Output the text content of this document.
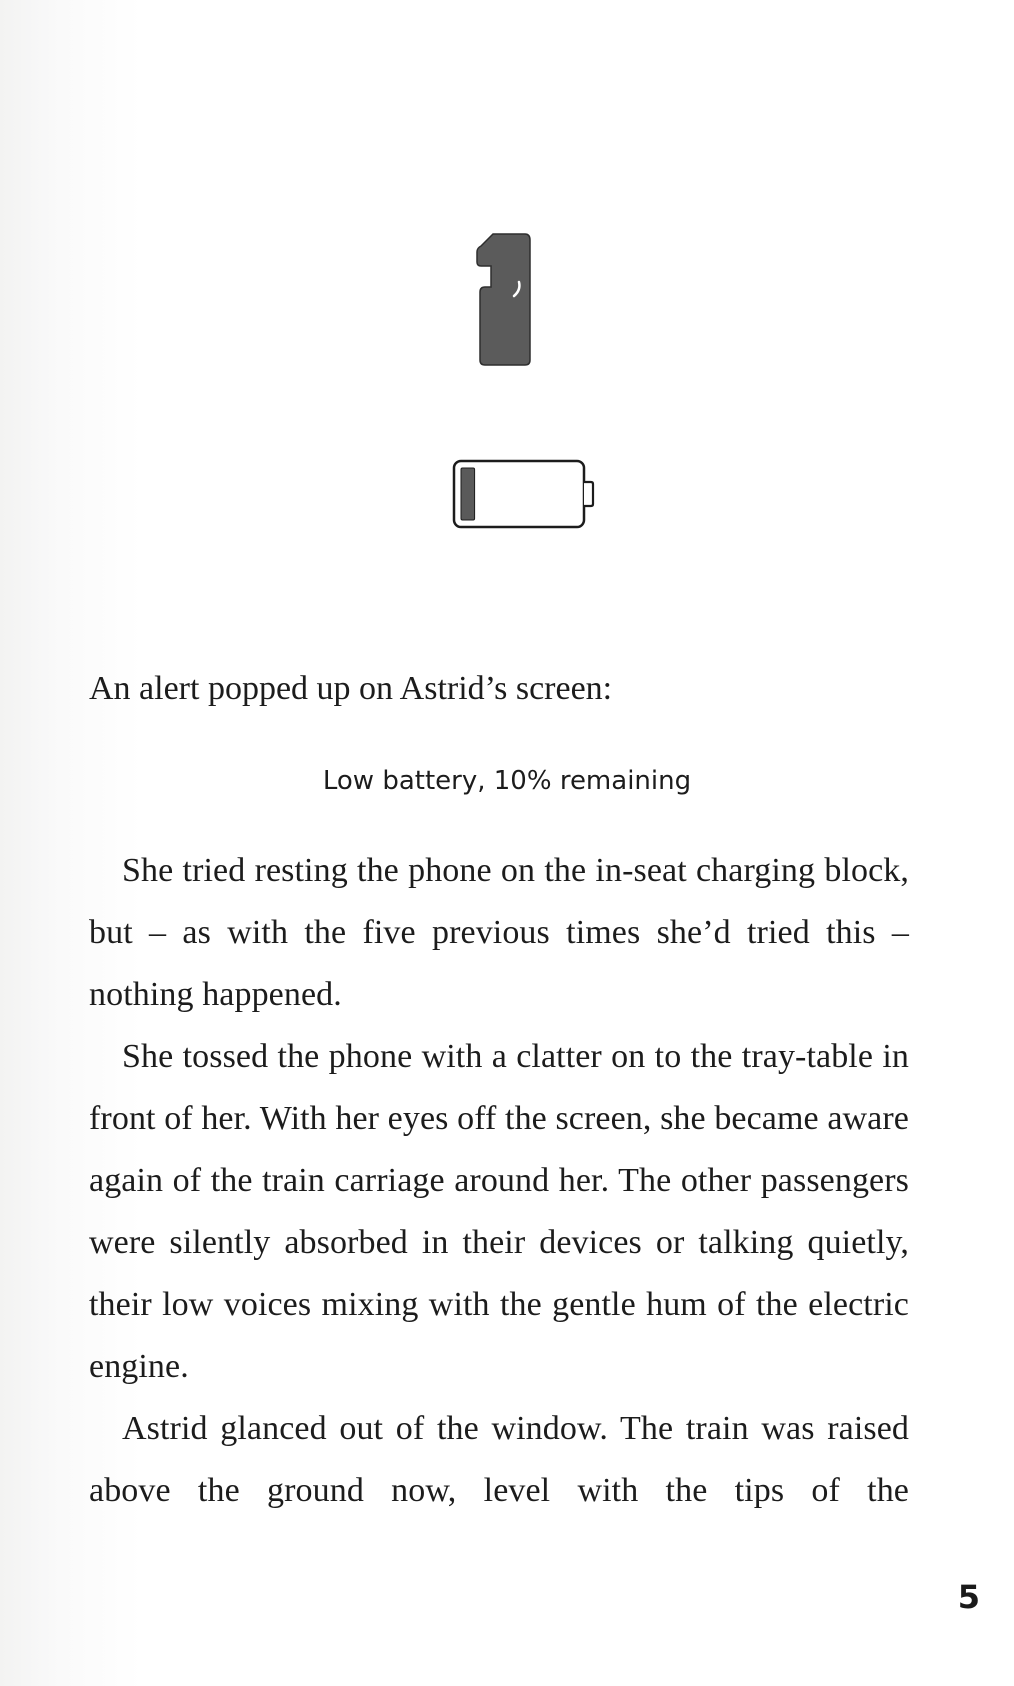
An alert popped up on Astrid’s screen:

Low battery, 10% remaining

She tried resting the phone on the in-seat charging block, but – as with the five previous times she’d tried this – nothing happened.

She tossed the phone with a clatter on to the tray-table in front of her. With her eyes off the screen, she became aware again of the train carriage around her. The other passengers were silently absorbed in their devices or talking quietly, their low voices mixing with the gentle hum of the electric engine.

Astrid glanced out of the window. The train was raised above the ground now, level with the tips of the

5
